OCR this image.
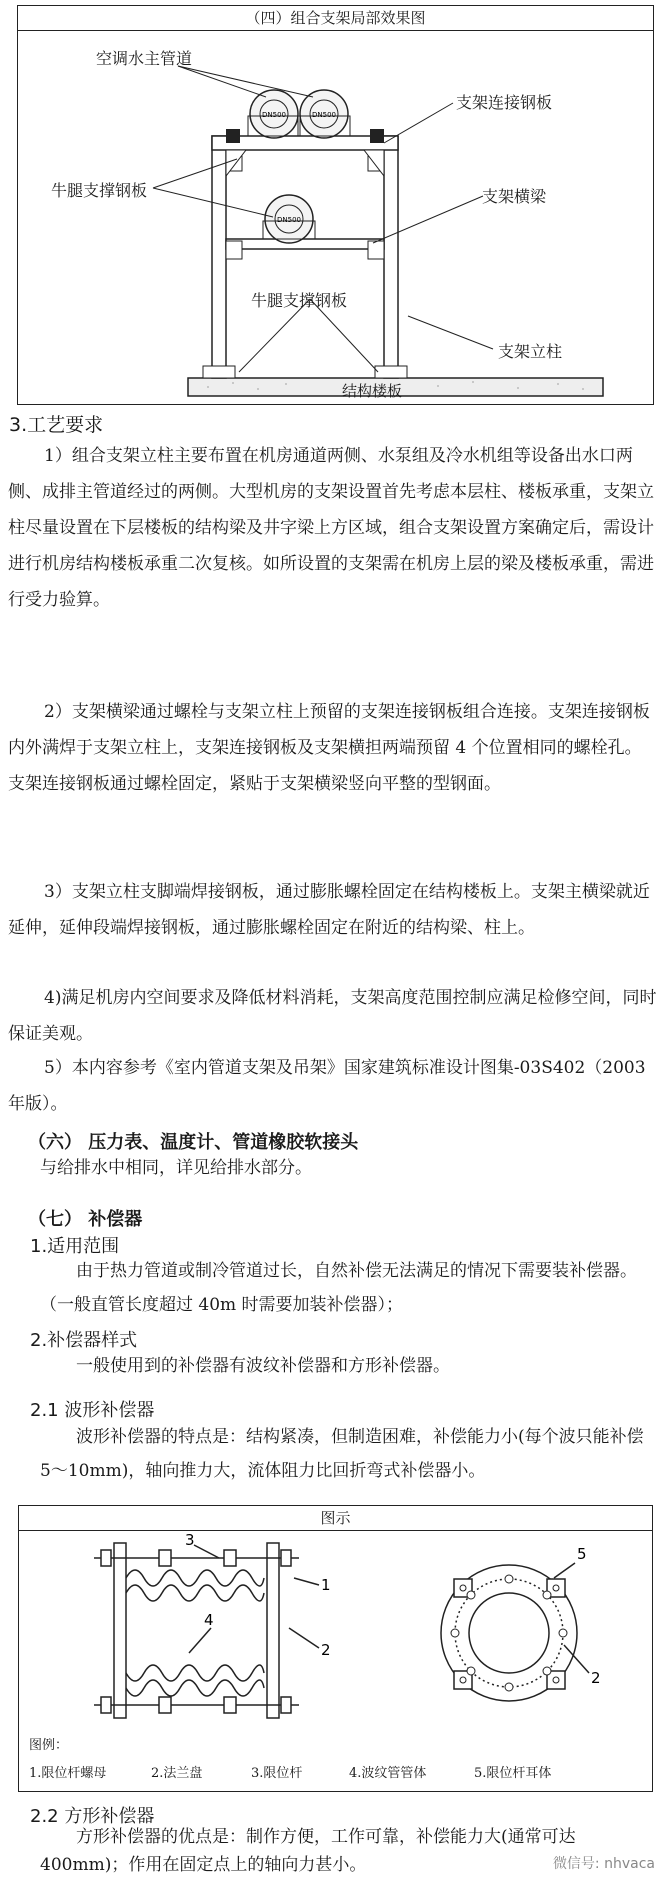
（四）组合支架局部效果图
DN500	DN500
DN500
空调水主管道
支架连接钢板
牛腿支撑钢板	支架横梁
牛腿支撑钢板
支架立柱
结构楼板
3.工艺要求

1）组合支架立柱主要布置在机房通道两侧、水泵组及冷水机组等设备出水口两侧、成排主管道经过的两侧。大型机房的支架设置首先考虑本层柱、楼板承重，支架立柱尽量设置在下层楼板的结构梁及井字梁上方区域，组合支架设置方案确定后，需设计进行机房结构楼板承重二次复核。如所设置的支架需在机房上层的梁及楼板承重，需进行受力验算。

2）支架横梁通过螺栓与支架立柱上预留的支架连接钢板组合连接。支架连接钢板内外满焊于支架立柱上，支架连接钢板及支架横担两端预留 4 个位置相同的螺栓孔。支架连接钢板通过螺栓固定，紧贴于支架横梁竖向平整的型钢面。

3）支架立柱支脚端焊接钢板，通过膨胀螺栓固定在结构楼板上。支架主横梁就近延伸，延伸段端焊接钢板，通过膨胀螺栓固定在附近的结构梁、柱上。

4)满足机房内空间要求及降低材料消耗，支架高度范围控制应满足检修空间，同时保证美观。

5）本内容参考《室内管道支架及吊架》国家建筑标准设计图集-03S402（2003 年版）。

（六） 压力表、温度计、管道橡胶软接头
与给排水中相同，详见给排水部分。
（七） 补偿器
1.适用范围

由于热力管道或制冷管道过长，自然补偿无法满足的情况下需要装补偿器。（一般直管长度超过 40m 时需要加装补偿器）；

2.补偿器样式

一般使用到的补偿器有波纹补偿器和方形补偿器。

2.1 波形补偿器

波形补偿器的特点是：结构紧凑，但制造困难，补偿能力小(每个波只能补偿 5～10mm)，轴向推力大，流体阻力比回折弯式补偿器小。

图示
3
1
2
4
5
2
图例：
1.限位杆螺母	2.法兰盘	3.限位杆	4.波纹管管体	5.限位杆耳体
2.2 方形补偿器

方形补偿器的优点是：制作方便，工作可靠，补偿能力大(通常可达 400mm)；作用在固定点上的轴向力甚小。	微信号: nhvaca
